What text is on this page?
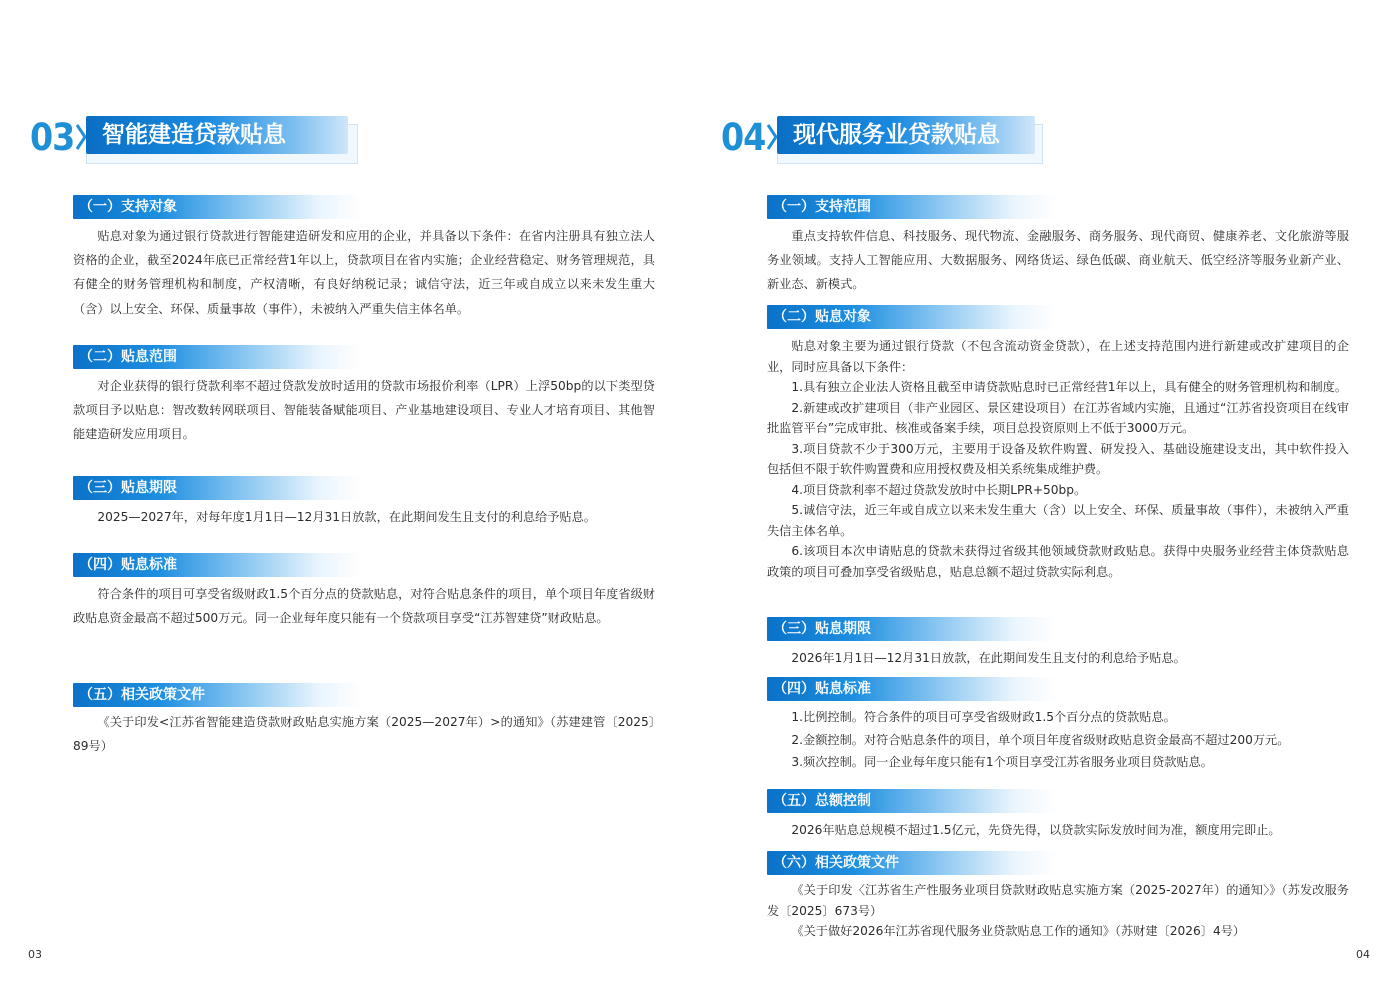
03 智能建造贷款贴息
（一）支持对象

贴息对象为通过银行贷款进行智能建造研发和应用的企业，并具备以下条件：在省内注册具有独立法人资格的企业，截至2024年底已正常经营1年以上，贷款项目在省内实施；企业经营稳定、财务管理规范，具有健全的财务管理机构和制度，产权清晰，有良好纳税记录；诚信守法，近三年或自成立以来未发生重大（含）以上安全、环保、质量事故（事件），未被纳入严重失信主体名单。

（二）贴息范围

对企业获得的银行贷款利率不超过贷款发放时适用的贷款市场报价利率（LPR）上浮50bp的以下类型贷款项目予以贴息：智改数转网联项目、智能装备赋能项目、产业基地建设项目、专业人才培育项目、其他智能建造研发应用项目。

（三）贴息期限

2025—2027年，对每年度1月1日—12月31日放款，在此期间发生且支付的利息给予贴息。

（四）贴息标准

符合条件的项目可享受省级财政1.5个百分点的贷款贴息，对符合贴息条件的项目，单个项目年度省级财政贴息资金最高不超过500万元。同一企业每年度只能有一个贷款项目享受“江苏智建贷”财政贴息。

（五）相关政策文件

《关于印发<江苏省智能建造贷款财政贴息实施方案（2025—2027年）>的通知》（苏建建管〔2025〕89号）

03
04 现代服务业贷款贴息
（一）支持范围

重点支持软件信息、科技服务、现代物流、金融服务、商务服务、现代商贸、健康养老、文化旅游等服务业领域。支持人工智能应用、大数据服务、网络货运、绿色低碳、商业航天、低空经济等服务业新产业、新业态、新模式。

（二）贴息对象

贴息对象主要为通过银行贷款（不包含流动资金贷款），在上述支持范围内进行新建或改扩建项目的企业，同时应具备以下条件：

1.具有独立企业法人资格且截至申请贷款贴息时已正常经营1年以上，具有健全的财务管理机构和制度。

2.新建或改扩建项目（非产业园区、景区建设项目）在江苏省域内实施，且通过“江苏省投资项目在线审批监管平台”完成审批、核准或备案手续，项目总投资原则上不低于3000万元。

3.项目贷款不少于300万元，主要用于设备及软件购置、研发投入、基础设施建设支出，其中软件投入包括但不限于软件购置费和应用授权费及相关系统集成维护费。

4.项目贷款利率不超过贷款发放时中长期LPR+50bp。

5.诚信守法，近三年或自成立以来未发生重大（含）以上安全、环保、质量事故（事件），未被纳入严重失信主体名单。

6.该项目本次申请贴息的贷款未获得过省级其他领域贷款财政贴息。获得中央服务业经营主体贷款贴息政策的项目可叠加享受省级贴息，贴息总额不超过贷款实际利息。

（三）贴息期限

2026年1月1日—12月31日放款，在此期间发生且支付的利息给予贴息。

（四）贴息标准

1.比例控制。符合条件的项目可享受省级财政1.5个百分点的贷款贴息。

2.金额控制。对符合贴息条件的项目，单个项目年度省级财政贴息资金最高不超过200万元。

3.频次控制。同一企业每年度只能有1个项目享受江苏省服务业项目贷款贴息。

（五）总额控制

2026年贴息总规模不超过1.5亿元，先贷先得，以贷款实际发放时间为准，额度用完即止。

（六）相关政策文件

《关于印发〈江苏省生产性服务业项目贷款财政贴息实施方案（2025-2027年）的通知〉》（苏发改服务发〔2025〕673号）

《关于做好2026年江苏省现代服务业贷款贴息工作的通知》（苏财建〔2026〕4号）

04
